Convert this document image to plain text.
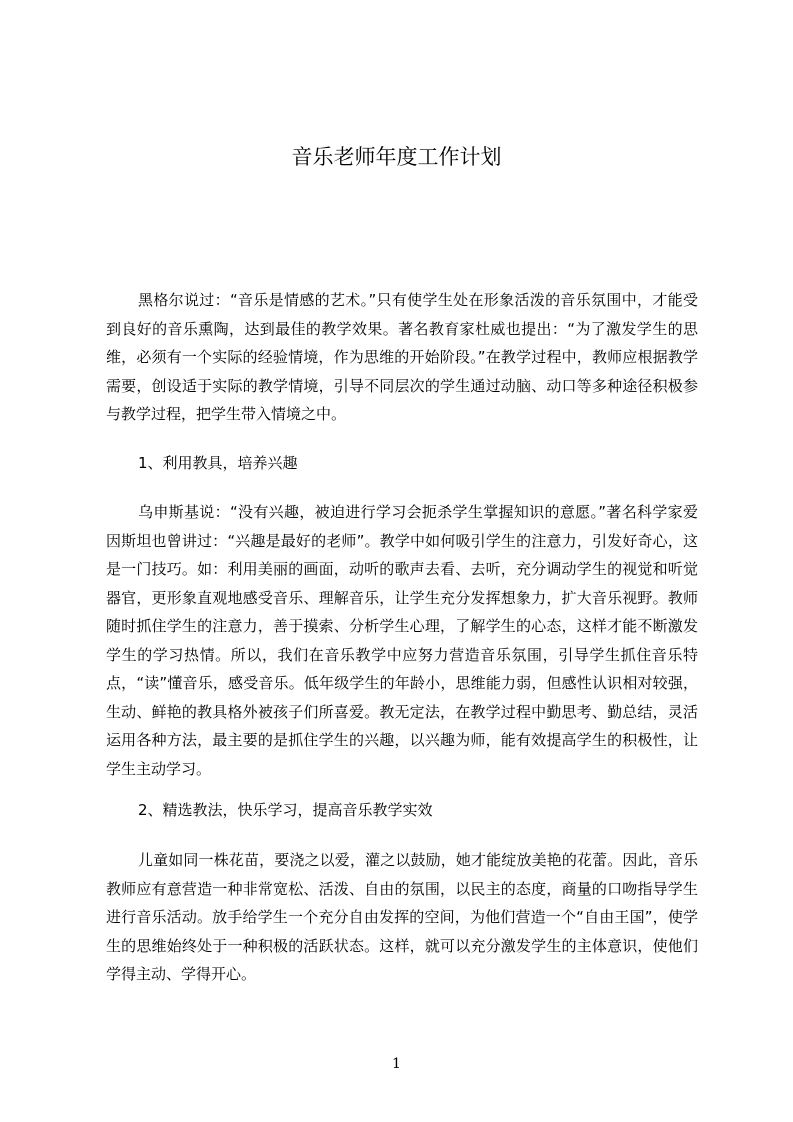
音乐老师年度工作计划

黑格尔说过：“音乐是情感的艺术。”只有使学生处在形象活泼的音乐氛围中，才能受到良好的音乐熏陶，达到最佳的教学效果。著名教育家杜威也提出：“为了激发学生的思维，必须有一个实际的经验情境，作为思维的开始阶段。”在教学过程中，教师应根据教学需要，创设适于实际的教学情境，引导不同层次的学生通过动脑、动口等多种途径积极参与教学过程，把学生带入情境之中。

1、利用教具，培养兴趣

乌申斯基说：“没有兴趣，被迫进行学习会扼杀学生掌握知识的意愿。”著名科学家爱因斯坦也曾讲过：“兴趣是最好的老师”。教学中如何吸引学生的注意力，引发好奇心，这是一门技巧。如：利用美丽的画面，动听的歌声去看、去听，充分调动学生的视觉和听觉器官，更形象直观地感受音乐、理解音乐，让学生充分发挥想象力，扩大音乐视野。教师随时抓住学生的注意力，善于摸索、分析学生心理，了解学生的心态，这样才能不断激发学生的学习热情。所以，我们在音乐教学中应努力营造音乐氛围，引导学生抓住音乐特点，“读”懂音乐，感受音乐。低年级学生的年龄小，思维能力弱，但感性认识相对较强，生动、鲜艳的教具格外被孩子们所喜爱。教无定法，在教学过程中勤思考、勤总结，灵活运用各种方法，最主要的是抓住学生的兴趣，以兴趣为师，能有效提高学生的积极性，让学生主动学习。

2、精选教法，快乐学习，提高音乐教学实效

儿童如同一株花苗，要浇之以爱，灌之以鼓励，她才能绽放美艳的花蕾。因此，音乐教师应有意营造一种非常宽松、活泼、自由的氛围，以民主的态度，商量的口吻指导学生进行音乐活动。放手给学生一个充分自由发挥的空间，为他们营造一个“自由王国”，使学生的思维始终处于一种积极的活跃状态。这样，就可以充分激发学生的主体意识，使他们学得主动、学得开心。

1
